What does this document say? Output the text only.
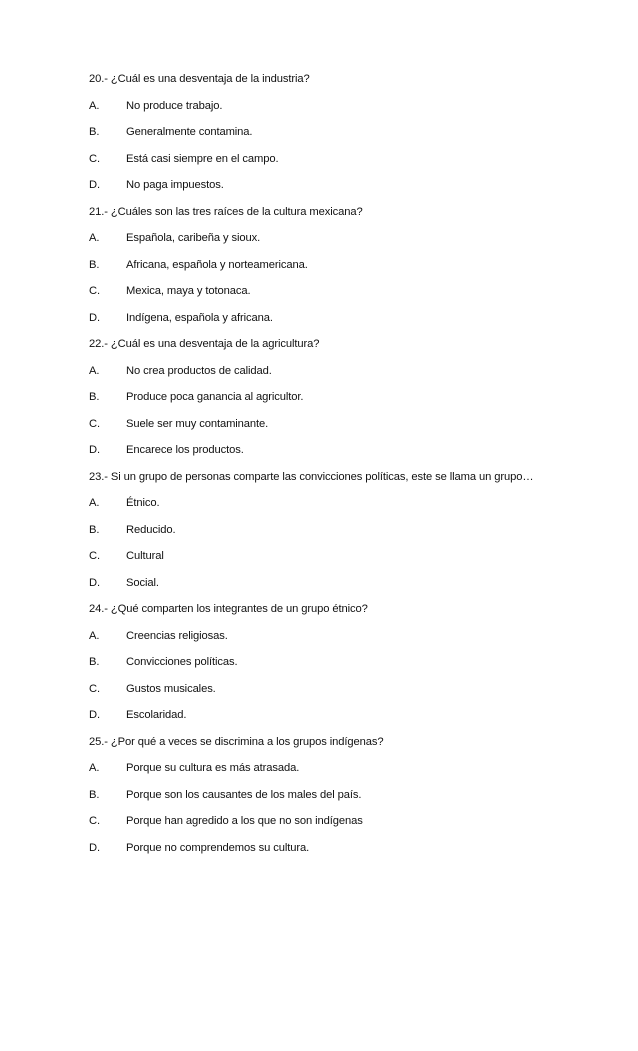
20.- ¿Cuál es una desventaja de la industria?
A.	No produce trabajo.
B.	Generalmente contamina.
C.	Está casi siempre en el campo.
D.	No paga impuestos.
21.- ¿Cuáles son las tres raíces de la cultura mexicana?
A.	Española, caribeña y sioux.
B.	Africana, española y norteamericana.
C.	Mexica, maya y totonaca.
D.	Indígena, española y africana.
22.- ¿Cuál es una desventaja de la agricultura?
A.	No crea productos de calidad.
B.	Produce poca ganancia al agricultor.
C.	Suele ser muy contaminante.
D.	Encarece los productos.
23.- Si un grupo de personas comparte las convicciones políticas, este se llama un grupo…
A.	Étnico.
B.	Reducido.
C.	Cultural
D.	Social.
24.- ¿Qué comparten los integrantes de un grupo étnico?
A.	Creencias religiosas.
B.	Convicciones políticas.
C.	Gustos musicales.
D.	Escolaridad.
25.- ¿Por qué a veces se discrimina a los grupos indígenas?
A.	Porque su cultura es más atrasada.
B.	Porque son los causantes de los males del país.
C.	Porque han agredido a los que no son indígenas
D.	Porque no comprendemos su cultura.
